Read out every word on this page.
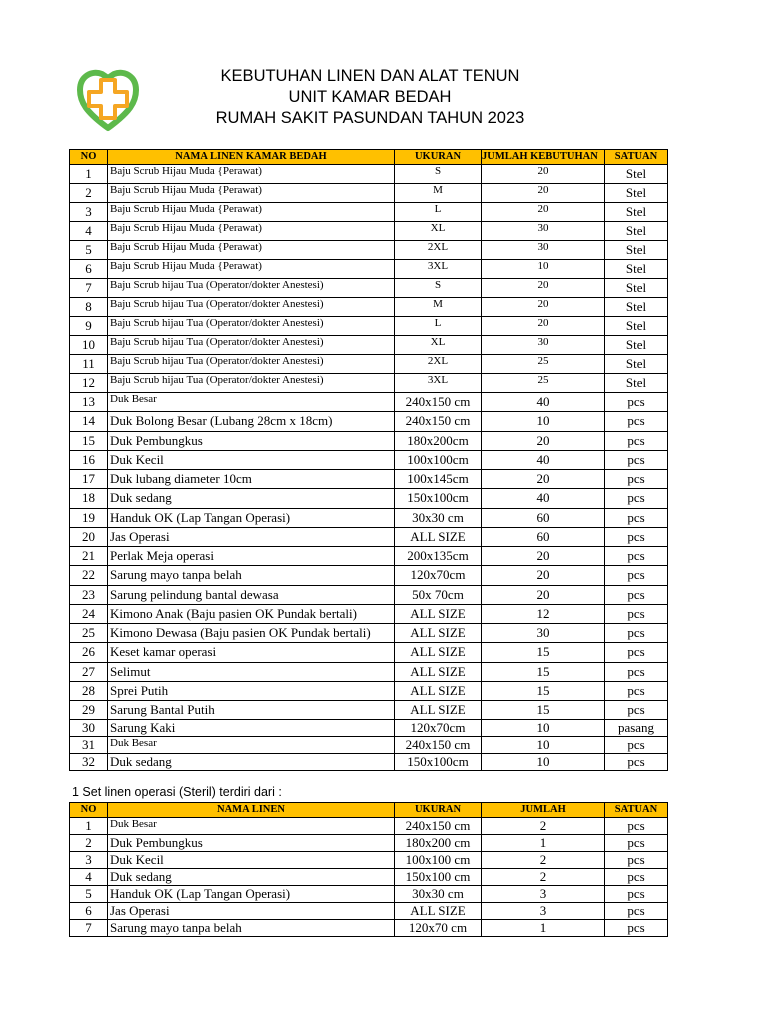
KEBUTUHAN LINEN DAN ALAT TENUN
UNIT KAMAR BEDAH
RUMAH SAKIT PASUNDAN TAHUN 2023
NO	NAMA LINEN KAMAR BEDAH	UKURAN	JUMLAH KEBUTUHAN	SATUAN
1	Baju Scrub Hijau Muda {Perawat)	S	20	Stel
2	Baju Scrub Hijau Muda {Perawat)	M	20	Stel
3	Baju Scrub Hijau Muda {Perawat)	L	20	Stel
4	Baju Scrub Hijau Muda {Perawat)	XL	30	Stel
5	Baju Scrub Hijau Muda {Perawat)	2XL	30	Stel
6	Baju Scrub Hijau Muda {Perawat)	3XL	10	Stel
7	Baju Scrub hijau Tua (Operator/dokter Anestesi)	S	20	Stel
8	Baju Scrub hijau Tua (Operator/dokter Anestesi)	M	20	Stel
9	Baju Scrub hijau Tua (Operator/dokter Anestesi)	L	20	Stel
10	Baju Scrub hijau Tua (Operator/dokter Anestesi)	XL	30	Stel
11	Baju Scrub hijau Tua (Operator/dokter Anestesi)	2XL	25	Stel
12	Baju Scrub hijau Tua (Operator/dokter Anestesi)	3XL	25	Stel
13	Duk Besar	240x150 cm	40	pcs
14	Duk Bolong Besar (Lubang 28cm x 18cm)	240x150 cm	10	pcs
15	Duk Pembungkus	180x200cm	20	pcs
16	Duk Kecil	100x100cm	40	pcs
17	Duk lubang diameter 10cm	100x145cm	20	pcs
18	Duk sedang	150x100cm	40	pcs
19	Handuk OK (Lap Tangan Operasi)	30x30 cm	60	pcs
20	Jas Operasi	ALL SIZE	60	pcs
21	Perlak Meja operasi	200x135cm	20	pcs
22	Sarung mayo tanpa belah	120x70cm	20	pcs
23	Sarung pelindung bantal dewasa	50x 70cm	20	pcs
24	Kimono Anak (Baju pasien OK Pundak bertali)	ALL SIZE	12	pcs
25	Kimono Dewasa (Baju pasien OK Pundak bertali)	ALL SIZE	30	pcs
26	Keset kamar operasi	ALL SIZE	15	pcs
27	Selimut	ALL SIZE	15	pcs
28	Sprei Putih	ALL SIZE	15	pcs
29	Sarung Bantal Putih	ALL SIZE	15	pcs
30	Sarung Kaki	120x70cm	10	pasang
31	Duk Besar	240x150 cm	10	pcs
32	Duk sedang	150x100cm	10	pcs
1 Set linen operasi (Steril) terdiri dari :
NO	NAMA LINEN	UKURAN	JUMLAH	SATUAN
1	Duk Besar	240x150 cm	2	pcs
2	Duk Pembungkus	180x200 cm	1	pcs
3	Duk Kecil	100x100 cm	2	pcs
4	Duk sedang	150x100 cm	2	pcs
5	Handuk OK (Lap Tangan Operasi)	30x30 cm	3	pcs
6	Jas Operasi	ALL SIZE	3	pcs
7	Sarung mayo tanpa belah	120x70 cm	1	pcs
